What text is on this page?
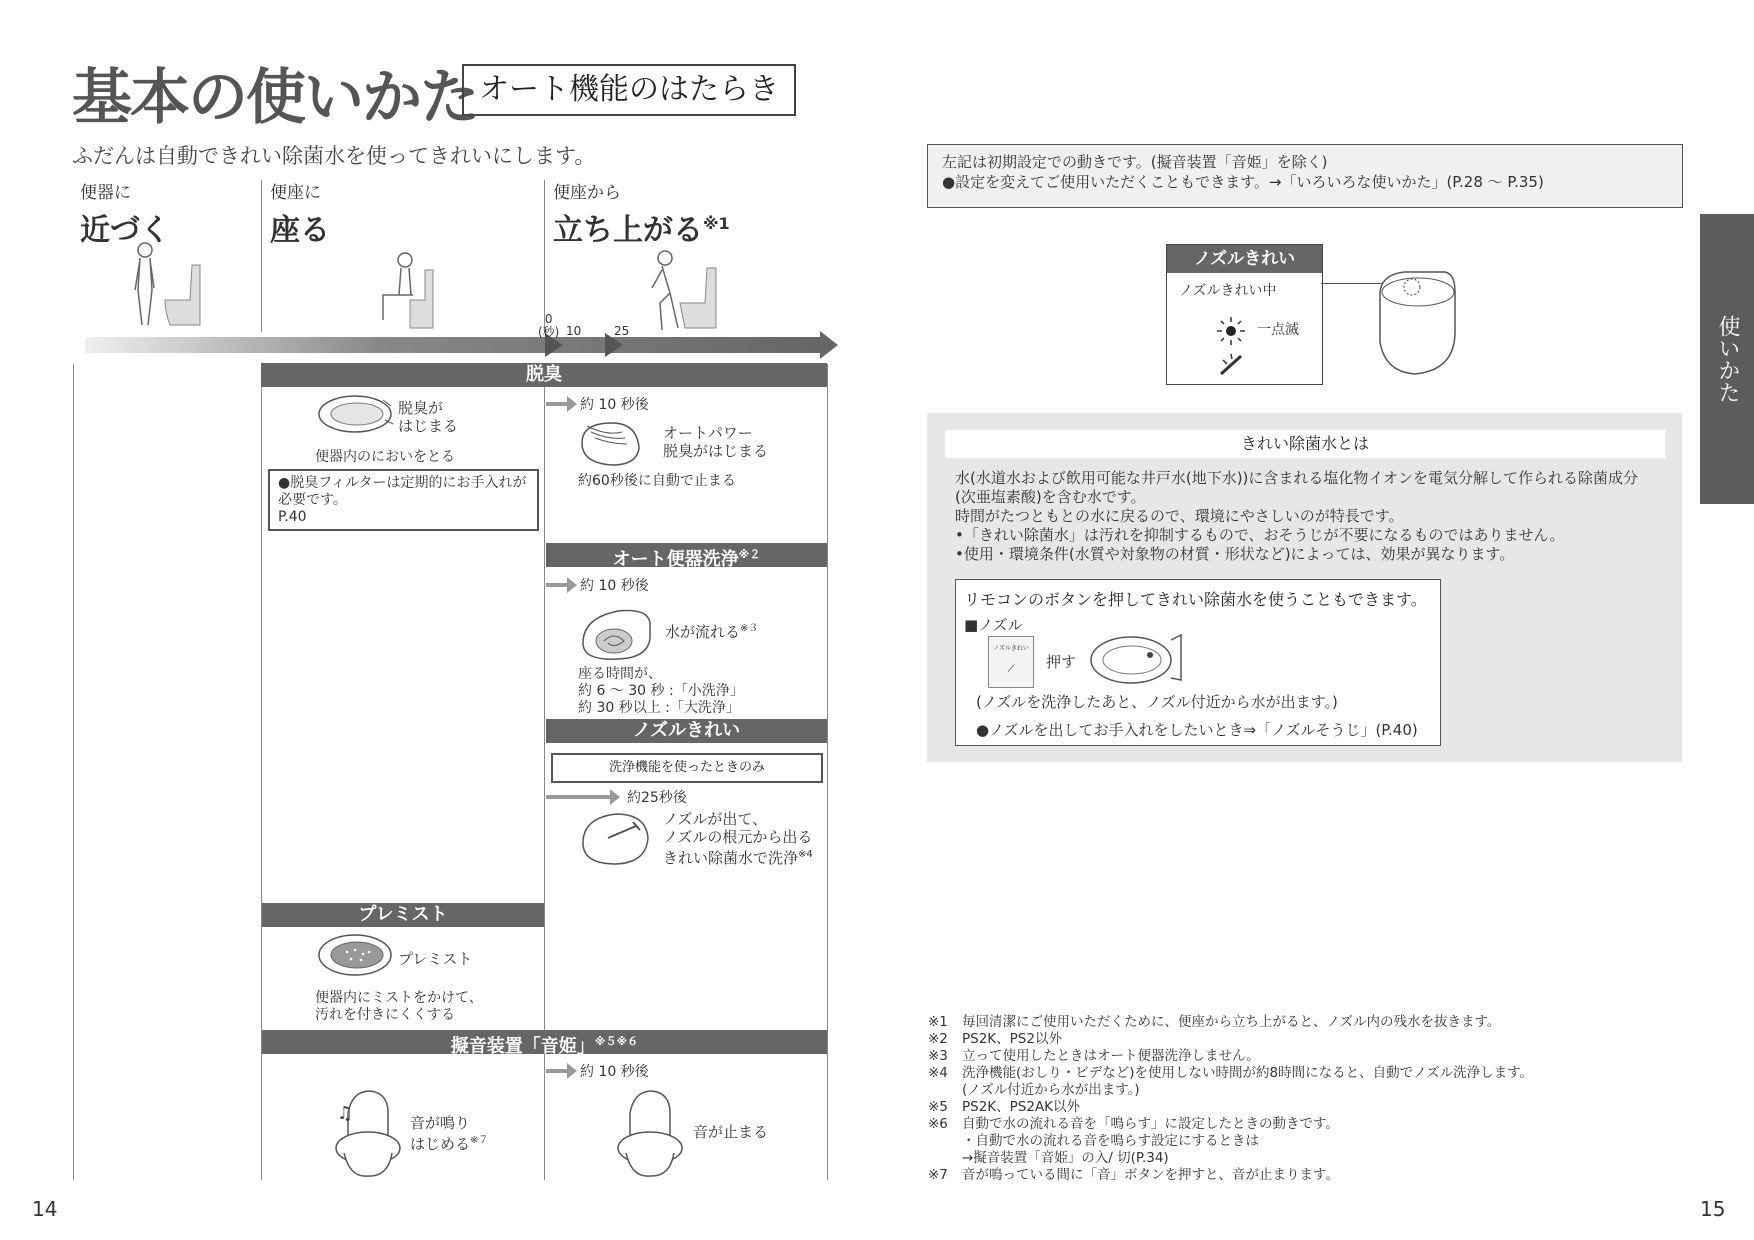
基本の使いかた オート機能のはたらき
ふだんは自動できれい除菌水を使ってきれいにします。
便器に
近づく
便座に
座る
便座から
立ち上がる$^{※1}$
0
(秒) 10	25
脱臭
脱臭が
はじまる
便器内のにおいをとる
●脱臭フィルターは定期的にお手入れが
必要です。
P.40
約 10 秒後
オートパワー
脱臭がはじまる
約60秒後に自動で止まる
オート便器洗浄$^{※2}$
約 10 秒後
水が流れる$^{※3}$
座る時間が、
約 6 ～ 30 秒 :「小洗浄」
約 30 秒以上 :「大洗浄」
ノズルきれい
洗浄機能を使ったときのみ
約25秒後
ノズルが出て、
ノズルの根元から出る
きれい除菌水で洗浄$^{※4}$
プレミスト
プレミスト
便器内にミストをかけて、
汚れを付きにくくする
擬音装置「音姫」$^{※5※6}$
約 10 秒後
♫	音が鳴り
はじめる$^{※7}$	音が止まる
14
左記は初期設定での動きです。(擬音装置「音姫」を除く)
●設定を変えてご使用いただくこともできます。→「いろいろな使いかた」(P.28 ～ P.35)
ノズルきれい
ノズルきれい中
一点滅	使いかた
きれい除菌水とは
水(水道水および飲用可能な井戸水(地下水))に含まれる塩化物イオンを電気分解して作られる除菌成分
(次亜塩素酸)を含む水です。
時間がたつともとの水に戻るので、環境にやさしいのが特長です。
•「きれい除菌水」は汚れを抑制するもので、おそうじが不要になるものではありません。
•使用・環境条件(水質や対象物の材質・形状など)によっては、効果が異なります。
リモコンのボタンを押してきれい除菌水を使うこともできます。
■ノズル
ノズルきれい
⟋	押す
(ノズルを洗浄したあと、ノズル付近から水が出ます。)
●ノズルを出してお手入れをしたいとき⇒「ノズルそうじ」(P.40)
※1	毎回清潔にご使用いただくために、便座から立ち上がると、ノズル内の残水を抜きます。
※2	PS2K、PS2以外
※3	立って使用したときはオート便器洗浄しません。
※4	洗浄機能(おしり・ビデなど)を使用しない時間が約8時間になると、自動でノズル洗浄します。
(ノズル付近から水が出ます。)
※5	PS2K、PS2AK以外
※6	自動で水の流れる音を「鳴らす」に設定したときの動きです。
・自動で水の流れる音を鳴らす設定にするときは
→擬音装置「音姫」の入/ 切(P.34)
※7	音が鳴っている間に「音」ボタンを押すと、音が止まります。
15
